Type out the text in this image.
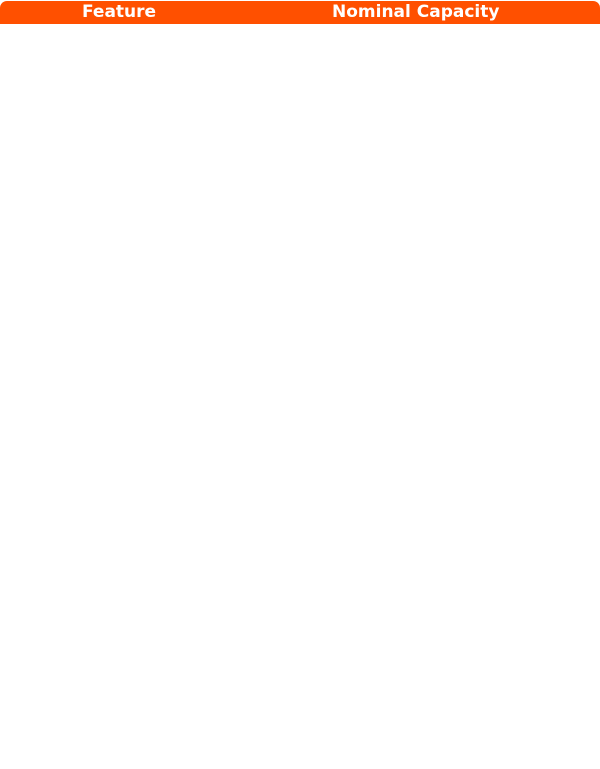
Feature	Nominal Capacity
